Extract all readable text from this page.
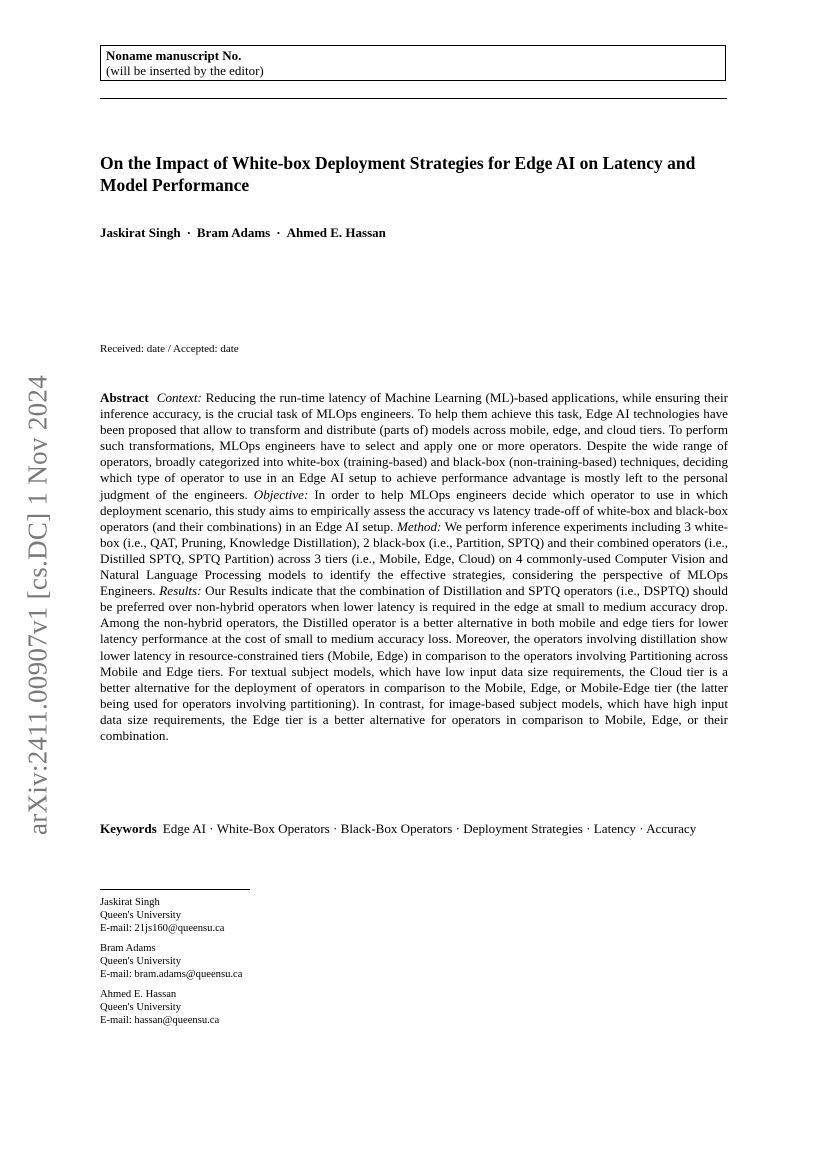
Noname manuscript No.
(will be inserted by the editor)
On the Impact of White-box Deployment Strategies for Edge AI on Latency and Model Performance
Jaskirat Singh · Bram Adams · Ahmed E. Hassan
Received: date / Accepted: date

Abstract Context: Reducing the run-time latency of Machine Learning (ML)-based applications, while ensuring their inference accuracy, is the crucial task of MLOps engineers. To help them achieve this task, Edge AI technologies have been proposed that allow to transform and distribute (parts of) models across mobile, edge, and cloud tiers. To perform such transformations, MLOps engineers have to select and apply one or more operators. Despite the wide range of operators, broadly categorized into white-box (training-based) and black-box (non-training-based) techniques, deciding which type of operator to use in an Edge AI setup to achieve performance advantage is mostly left to the personal judgment of the engineers. Objective: In order to help MLOps engineers decide which operator to use in which deployment scenario, this study aims to empirically assess the accuracy vs latency trade-off of white-box and black-box operators (and their combinations) in an Edge AI setup. Method: We perform inference experiments including 3 white-box (i.e., QAT, Pruning, Knowledge Distillation), 2 black-box (i.e., Partition, SPTQ) and their combined operators (i.e., Distilled SPTQ, SPTQ Partition) across 3 tiers (i.e., Mobile, Edge, Cloud) on 4 commonly-used Computer Vision and Natural Language Processing models to identify the effective strategies, considering the perspective of MLOps Engineers. Results: Our Results indicate that the combination of Distillation and SPTQ operators (i.e., DSPTQ) should be preferred over non-hybrid operators when lower latency is required in the edge at small to medium accuracy drop. Among the non-hybrid operators, the Distilled operator is a better alternative in both mobile and edge tiers for lower latency performance at the cost of small to medium accuracy loss. Moreover, the operators involving distillation show lower latency in resource-constrained tiers (Mobile, Edge) in comparison to the operators involving Partitioning across Mobile and Edge tiers. For textual subject models, which have low input data size requirements, the Cloud tier is a better alternative for the deployment of operators in comparison to the Mobile, Edge, or Mobile-Edge tier (the latter being used for operators involving partitioning). In contrast, for image-based subject models, which have high input data size requirements, the Edge tier is a better alternative for operators in comparison to Mobile, Edge, or their combination.

Keywords Edge AI · White-Box Operators · Black-Box Operators · Deployment Strategies · Latency · Accuracy

Jaskirat Singh
Queen's University
E-mail: 21js160@queensu.ca
Bram Adams
Queen's University
E-mail: bram.adams@queensu.ca
Ahmed E. Hassan
Queen's University
E-mail: hassan@queensu.ca
arXiv:2411.00907v1 [cs.DC] 1 Nov 2024
